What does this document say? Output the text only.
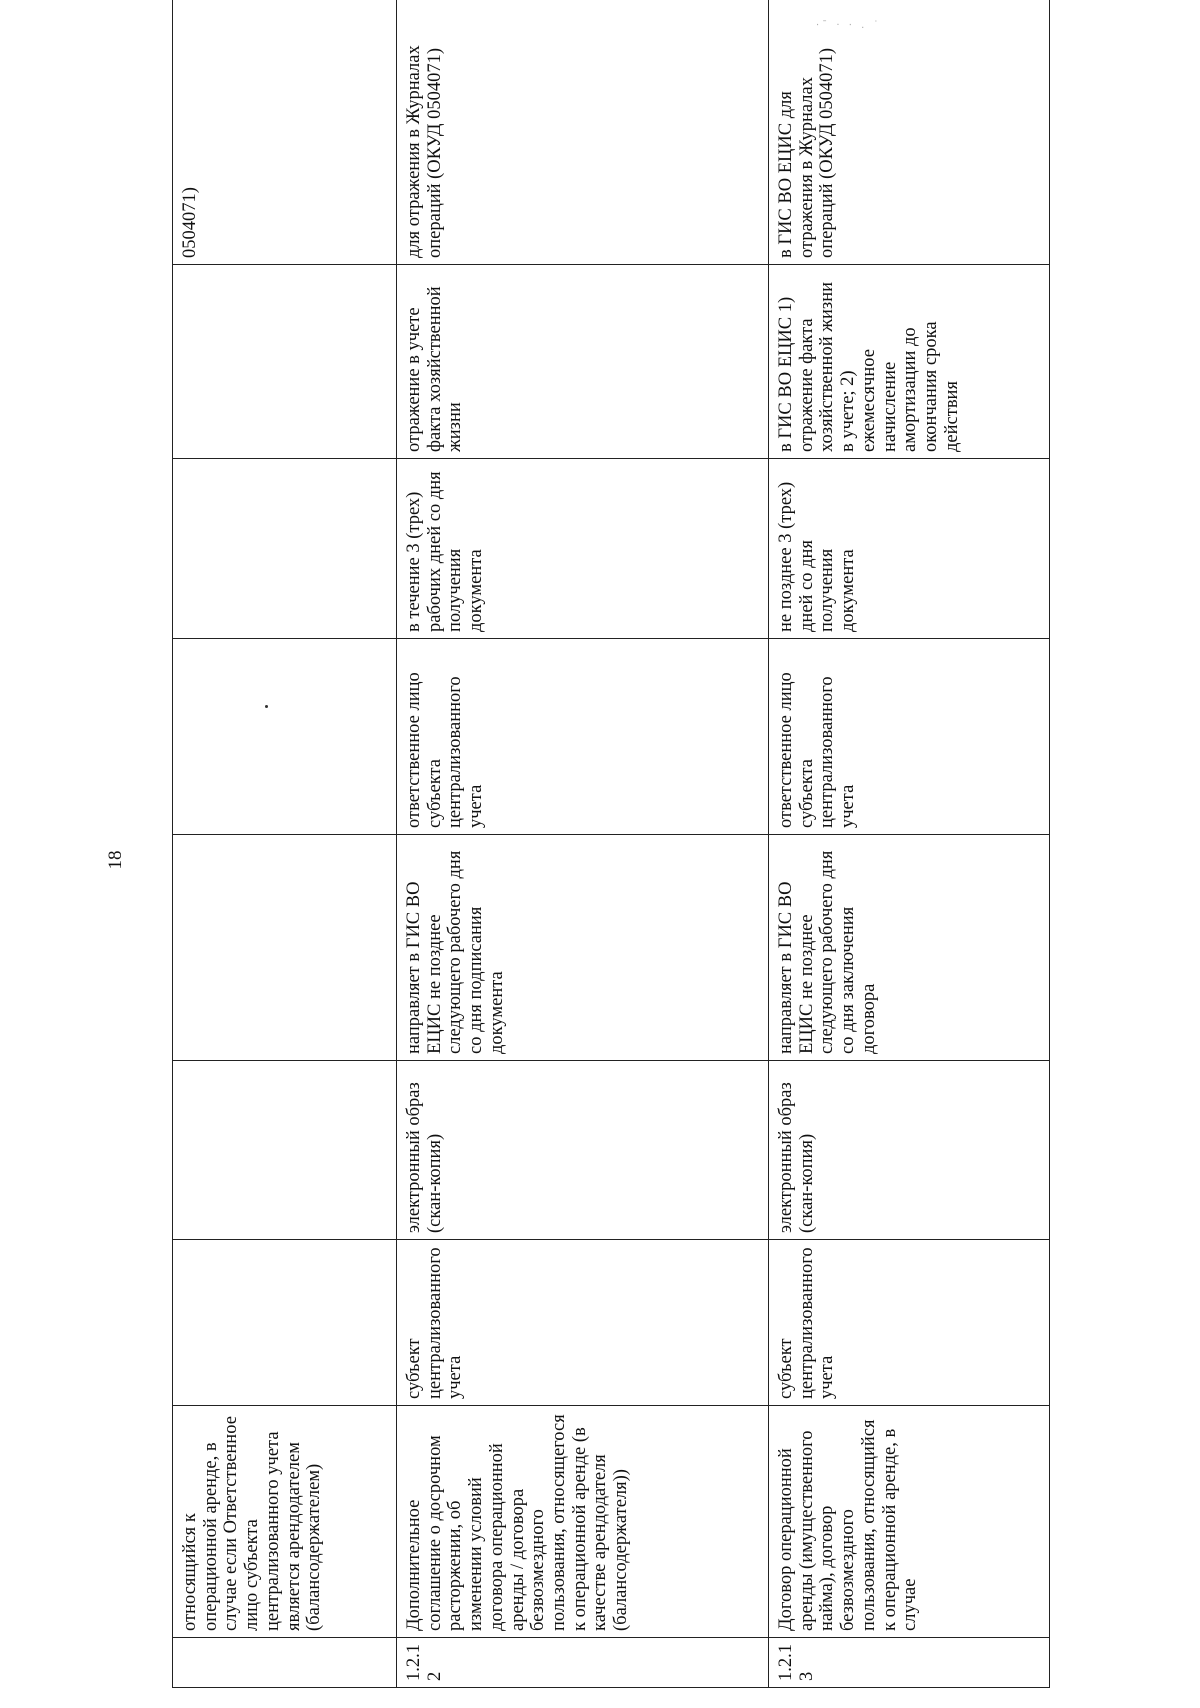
18
⋅ˉ · ⋅ . ˙
	относящийся к операционной аренде, в случае если Ответственное лицо субъекта централизованного учета является арендодателем (балансодержателем)							0504071)
1.2.12	Дополнительное соглашение о досрочном расторжении, об изменении условий договора операционной аренды / договора безвозмездного пользования, относящегося к операционной аренде (в качестве арендодателя (балансодержателя))	субъект централизованного учета	электронный образ (скан-копия)	направляет в ГИС ВО ЕЦИС не позднее следующего рабочего дня со дня подписания документа	ответственное лицо субъекта централизованного учета	в течение 3 (трех) рабочих дней со дня получения документа	отражение в учете факта хозяйственной жизни	для отражения в Журналах операций (ОКУД 0504071)
1.2.13	Договор операционной аренды (имущественного найма), договор безвозмездного пользования, относящийся к операционной аренде, в случае	субъект централизованного учета	электронный образ (скан-копия)	направляет в ГИС ВО ЕЦИС не позднее следующего рабочего дня со дня заключения договора	ответственное лицо субъекта централизованного учета	не позднее 3 (трех) дней со дня получения документа	в ГИС ВО ЕЦИС 1) отражение факта хозяйственной жизни в учете; 2) ежемесячное начисление амортизации до окончания срока действия	в ГИС ВО ЕЦИС для отражения в Журналах операций (ОКУД 0504071)
